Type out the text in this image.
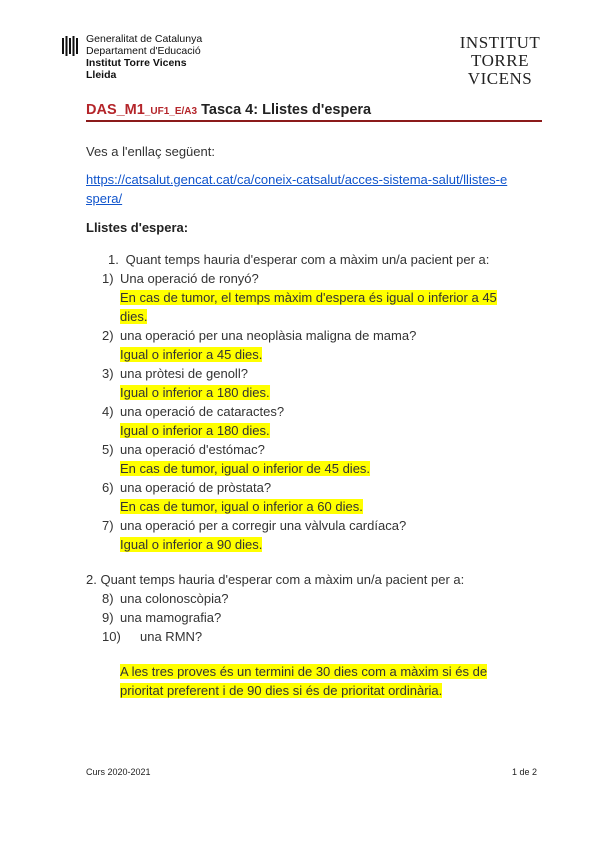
Generalitat de Catalunya
Departament d'Educació
Institut Torre Vicens
Lleida
INSTITUT
TORRE VICENS
DAS_M1_UF1_E/A3 Tasca 4: Llistes d'espera
Ves a l'enllaç següent:
https://catsalut.gencat.cat/ca/coneix-catsalut/acces-sistema-salut/llistes-e
spera/
Llistes d'espera:
1. Quant temps hauria d'esperar com a màxim un/a pacient per a:
1) Una operació de ronyó?
En cas de tumor, el temps màxim d'espera és igual o inferior a 45
dies.
2) una operació per una neoplàsia maligna de mama?
Igual o inferior a 45 dies.
3) una pròtesi de genoll?
Igual o inferior a 180 dies.
4) una operació de cataractes?
Igual o inferior a 180 dies.
5) una operació d'estómac?
En cas de tumor, igual o inferior de 45 dies.
6) una operació de pròstata?
En cas de tumor, igual o inferior a 60 dies.
7) una operació per a corregir una vàlvula cardíaca?
Igual o inferior a 90 dies.
2. Quant temps hauria d'esperar com a màxim un/a pacient per a:
8) una colonoscòpia?
9) una mamografia?
10) una RMN?
A les tres proves és un termini de 30 dies com a màxim si és de
prioritat preferent i de 90 dies si és de prioritat ordinària.
Curs 2020-2021	1 de 2
